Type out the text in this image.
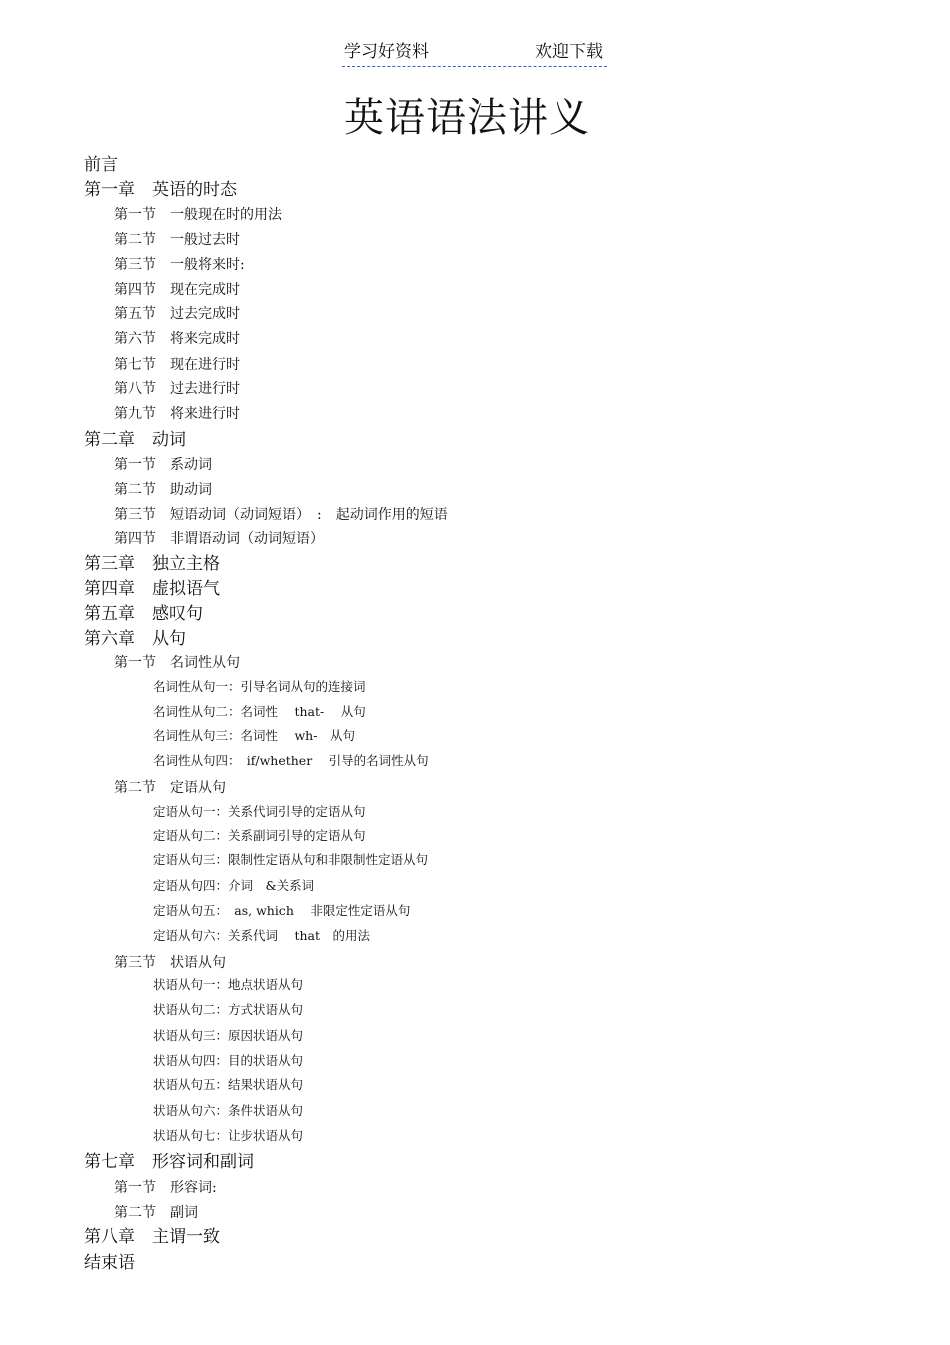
学习好资料	欢迎下载
英语语法讲义
前言
第一章　英语的时态
第一节　一般现在时的用法
第二节　一般过去时
第三节　一般将来时:
第四节　现在完成时
第五节　过去完成时
第六节　将来完成时
第七节　现在进行时
第八节　过去进行时
第九节　将来进行时
第二章　动词
第一节　系动词
第二节　助动词
第三节　短语动词（动词短语）　:　起动词作用的短语
第四节　非谓语动词（动词短语）
第三章　独立主格
第四章　虚拟语气
第五章　感叹句
第六章　从句
第一节　名词性从句
名词性从句一：引导名词从句的连接词
名词性从句二：名词性　 that-　 从句
名词性从句三：名词性　 wh-　从句
名词性从句四：　if/whether　 引导的名词性从句
第二节　定语从句
定语从句一：关系代词引导的定语从句
定语从句二：关系副词引导的定语从句
定语从句三：限制性定语从句和非限制性定语从句
定语从句四：介词　&关系词
定语从句五：　as, which　 非限定性定语从句
定语从句六：关系代词　 that　的用法
第三节　状语从句
状语从句一：地点状语从句
状语从句二：方式状语从句
状语从句三：原因状语从句
状语从句四：目的状语从句
状语从句五：结果状语从句
状语从句六：条件状语从句
状语从句七：让步状语从句
第七章　形容词和副词
第一节　形容词:
第二节　副词
第八章　主谓一致
结束语
